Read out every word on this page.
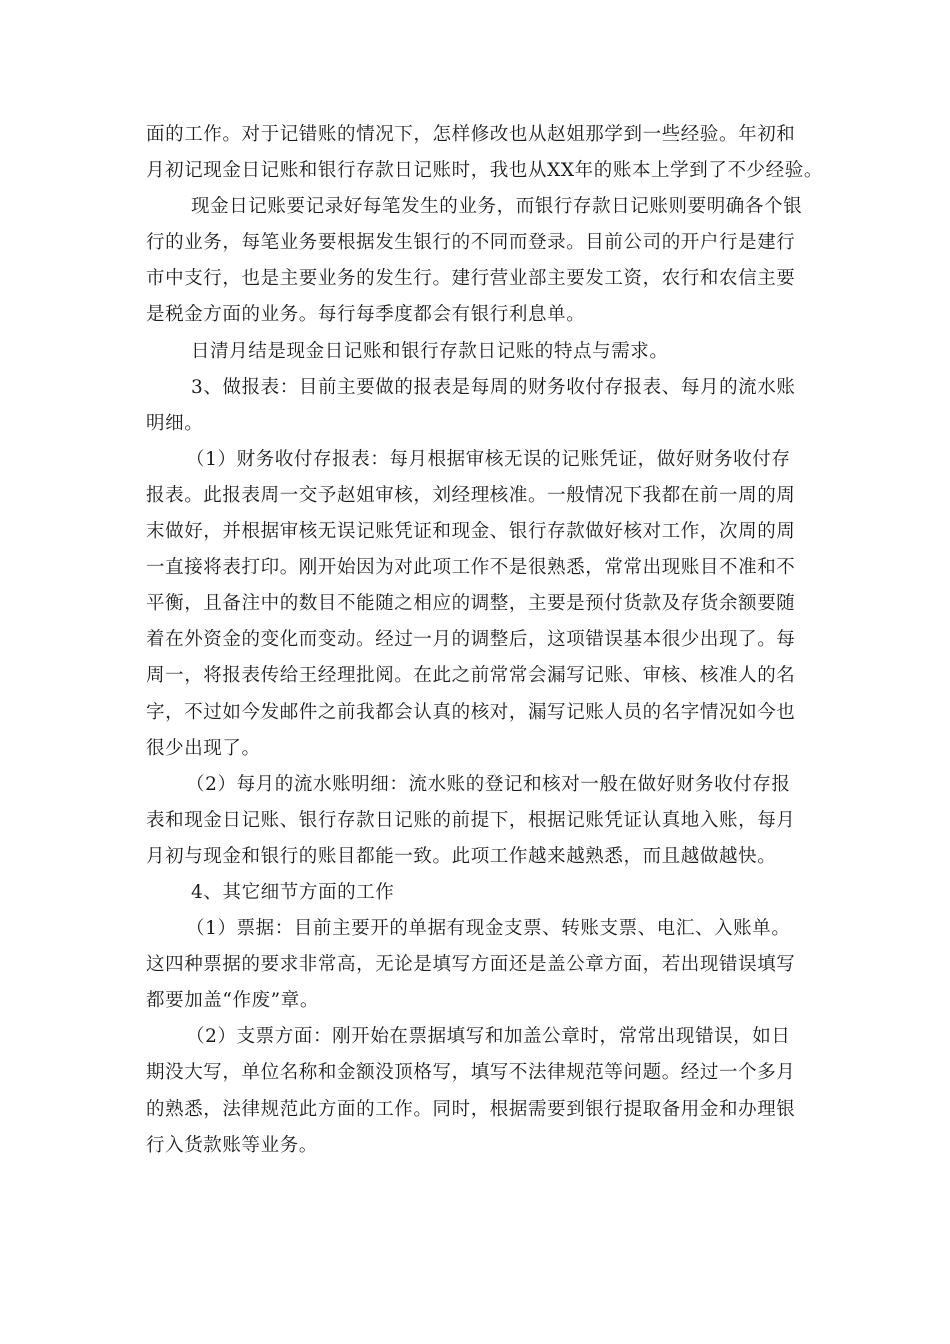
面的工作。对于记错账的情况下，怎样修改也从赵姐那学到一些经验。年初和
月初记现金日记账和银行存款日记账时，我也从XX年的账本上学到了不少经验。
现金日记账要记录好每笔发生的业务，而银行存款日记账则要明确各个银
行的业务，每笔业务要根据发生银行的不同而登录。目前公司的开户行是建行
市中支行，也是主要业务的发生行。建行营业部主要发工资，农行和农信主要
是税金方面的业务。每行每季度都会有银行利息单。
日清月结是现金日记账和银行存款日记账的特点与需求。
3、做报表：目前主要做的报表是每周的财务收付存报表、每月的流水账
明细。
（1）财务收付存报表：每月根据审核无误的记账凭证，做好财务收付存
报表。此报表周一交予赵姐审核，刘经理核准。一般情况下我都在前一周的周
末做好，并根据审核无误记账凭证和现金、银行存款做好核对工作，次周的周
一直接将表打印。刚开始因为对此项工作不是很熟悉，常常出现账目不准和不
平衡，且备注中的数目不能随之相应的调整，主要是预付货款及存货余额要随
着在外资金的变化而变动。经过一月的调整后，这项错误基本很少出现了。每
周一，将报表传给王经理批阅。在此之前常常会漏写记账、审核、核准人的名
字，不过如今发邮件之前我都会认真的核对，漏写记账人员的名字情况如今也
很少出现了。
（2）每月的流水账明细：流水账的登记和核对一般在做好财务收付存报
表和现金日记账、银行存款日记账的前提下，根据记账凭证认真地入账，每月
月初与现金和银行的账目都能一致。此项工作越来越熟悉，而且越做越快。
4、其它细节方面的工作
（1）票据：目前主要开的单据有现金支票、转账支票、电汇、入账单。
这四种票据的要求非常高，无论是填写方面还是盖公章方面，若出现错误填写
都要加盖“作废”章。
（2）支票方面：刚开始在票据填写和加盖公章时，常常出现错误，如日
期没大写，单位名称和金额没顶格写，填写不法律规范等问题。经过一个多月
的熟悉，法律规范此方面的工作。同时，根据需要到银行提取备用金和办理银
行入货款账等业务。
